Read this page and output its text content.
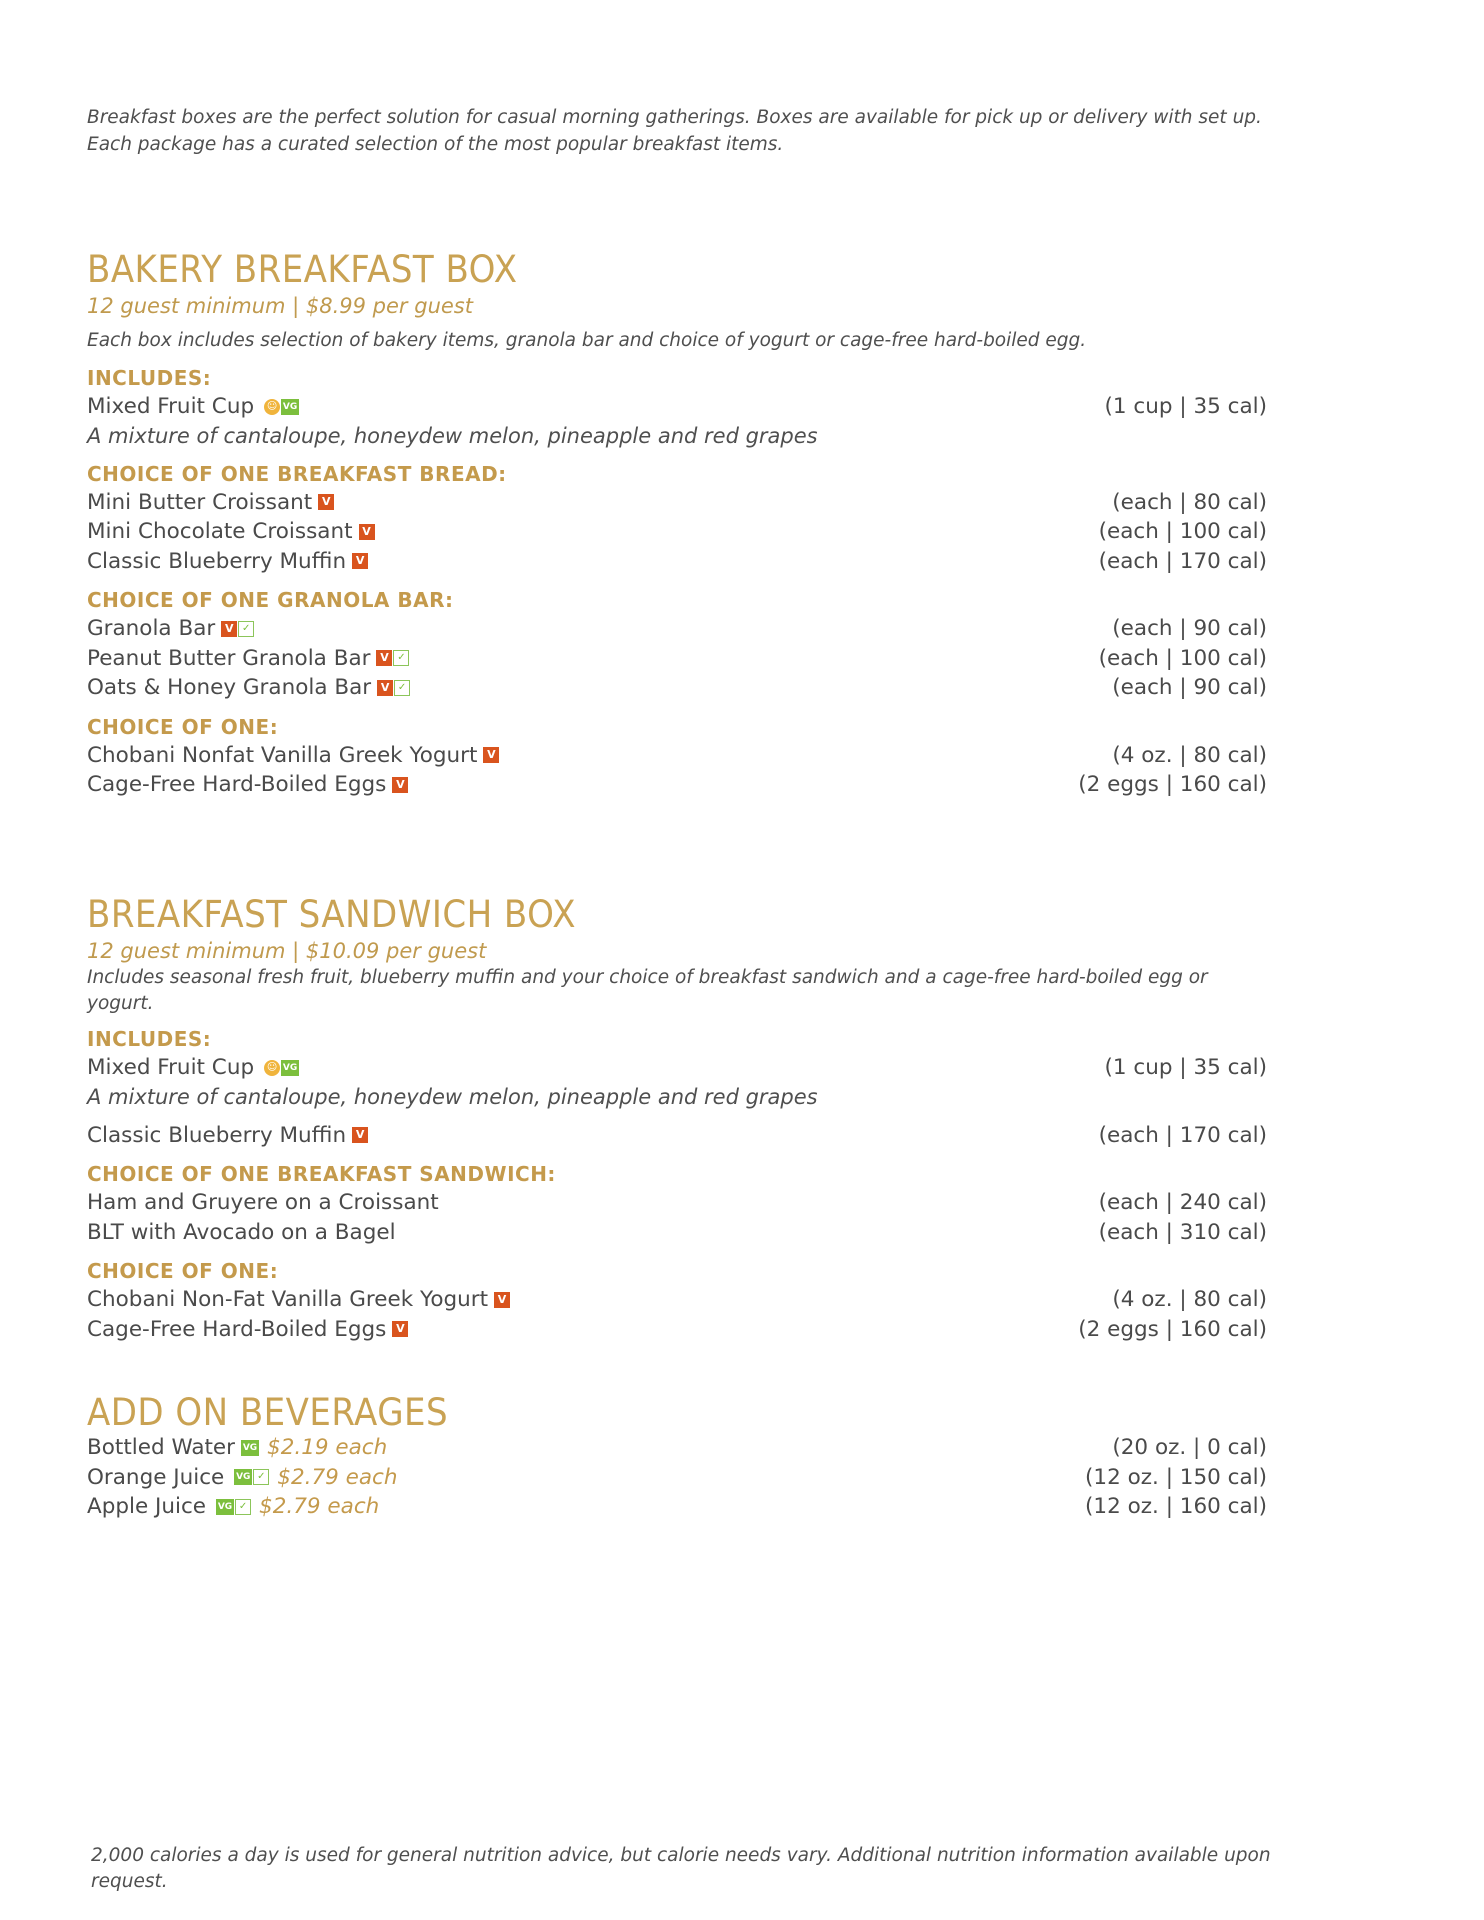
Breakfast boxes are the perfect solution for casual morning gatherings. Boxes are available for pick up or delivery with set up.
Each package has a curated selection of the most popular breakfast items.
BAKERY BREAKFAST BOX
12 guest minimum | $8.99 per guest
Each box includes selection of bakery items, granola bar and choice of yogurt or cage-free hard-boiled egg.
INCLUDES:
Mixed Fruit Cup ☺ VG	(1 cup | 35 cal)
A mixture of cantaloupe, honeydew melon, pineapple and red grapes
CHOICE OF ONE BREAKFAST BREAD:
Mini Butter Croissant V	(each | 80 cal)
Mini Chocolate Croissant V	(each | 100 cal)
Classic Blueberry Muffin V	(each | 170 cal)
CHOICE OF ONE GRANOLA BAR:
Granola Bar V ✓	(each | 90 cal)
Peanut Butter Granola Bar V ✓	(each | 100 cal)
Oats & Honey Granola Bar V ✓	(each | 90 cal)
CHOICE OF ONE:
Chobani Nonfat Vanilla Greek Yogurt V	(4 oz. | 80 cal)
Cage-Free Hard-Boiled Eggs V	(2 eggs | 160 cal)
BREAKFAST SANDWICH BOX
12 guest minimum | $10.09 per guest
Includes seasonal fresh fruit, blueberry muffin and your choice of breakfast sandwich and a cage-free hard-boiled egg or yogurt.
INCLUDES:
Mixed Fruit Cup ☺ VG	(1 cup | 35 cal)
A mixture of cantaloupe, honeydew melon, pineapple and red grapes
Classic Blueberry Muffin V	(each | 170 cal)
CHOICE OF ONE BREAKFAST SANDWICH:
Ham and Gruyere on a Croissant	(each | 240 cal)
BLT with Avocado on a Bagel	(each | 310 cal)
CHOICE OF ONE:
Chobani Non-Fat Vanilla Greek Yogurt V	(4 oz. | 80 cal)
Cage-Free Hard-Boiled Eggs V	(2 eggs | 160 cal)
ADD ON BEVERAGES
Bottled Water VG $2.19 each	(20 oz. | 0 cal)
Orange Juice VG ✓ $2.79 each	(12 oz. | 150 cal)
Apple Juice VG ✓ $2.79 each	(12 oz. | 160 cal)
2,000 calories a day is used for general nutrition advice, but calorie needs vary. Additional nutrition information available upon request.
